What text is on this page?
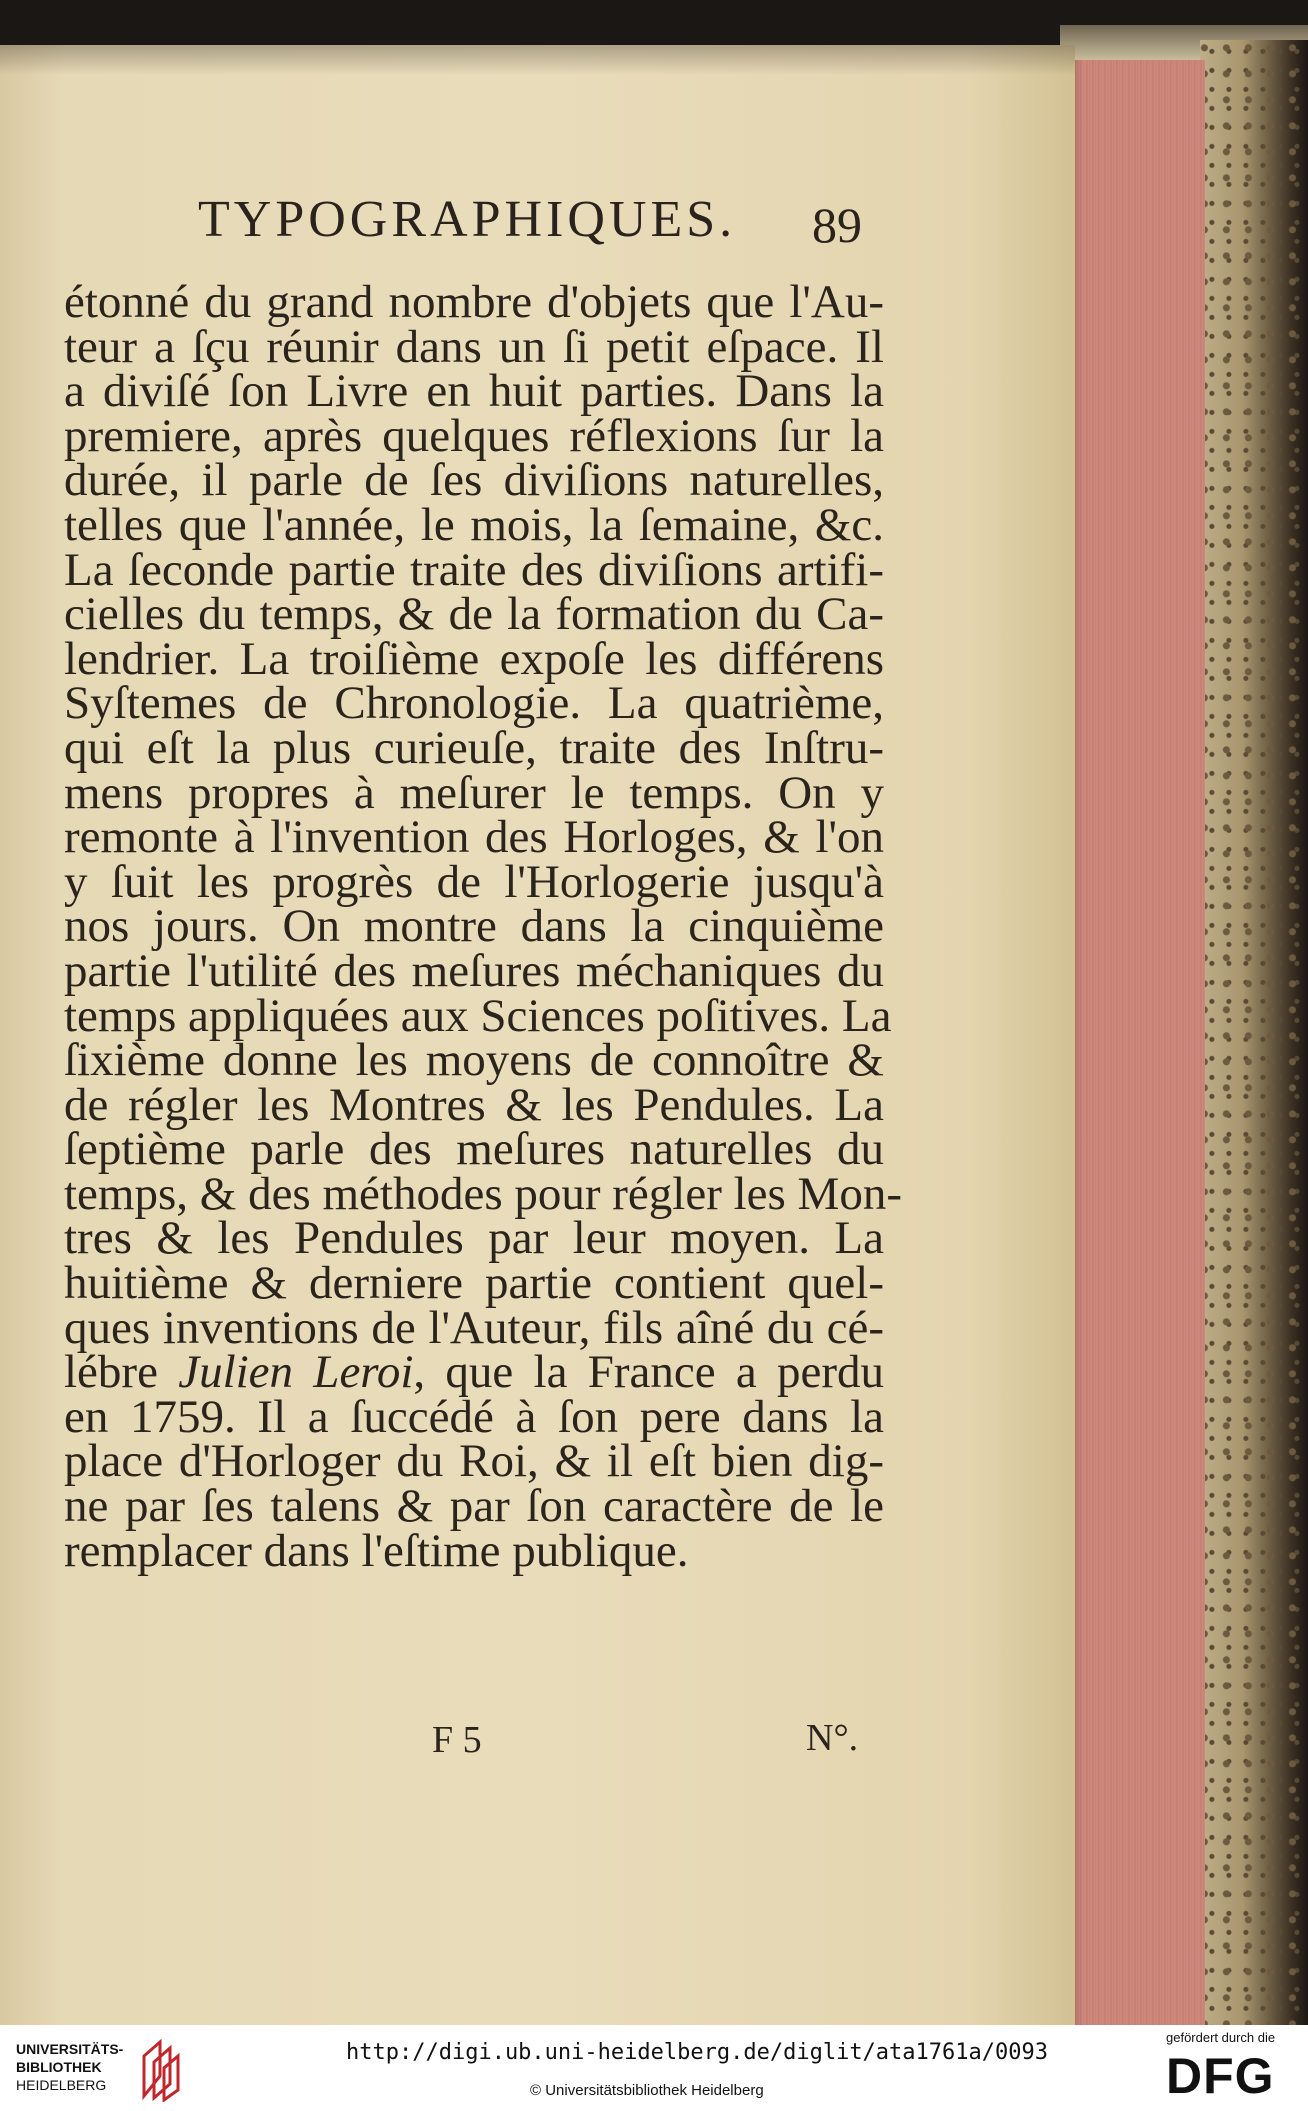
TYPOGRAPHIQUES. 89
étonné du grand nombre d'objets que l'Au-
teur a ſçu réunir dans un ſi petit eſpace. Il
a diviſé ſon Livre en huit parties. Dans la
premiere, après quelques réflexions ſur la
durée, il parle de ſes diviſions naturelles,
telles que l'année, le mois, la ſemaine, &c.
La ſeconde partie traite des diviſions artifi-
cielles du temps, & de la formation du Ca-
lendrier. La troiſième expoſe les différens
Syſtemes de Chronologie. La quatrième,
qui eſt la plus curieuſe, traite des Inſtru-
mens propres à meſurer le temps. On y
remonte à l'invention des Horloges, & l'on
y ſuit les progrès de l'Horlogerie jusqu'à
nos jours. On montre dans la cinquième
partie l'utilité des meſures méchaniques du
temps appliquées aux Sciences poſitives. La
ſixième donne les moyens de connoître &
de régler les Montres & les Pendules. La
ſeptième parle des meſures naturelles du
temps, & des méthodes pour régler les Mon-
tres & les Pendules par leur moyen. La
huitième & derniere partie contient quel-
ques inventions de l'Auteur, fils aîné du cé-
lébre Julien Leroi, que la France a perdu
en 1759. Il a ſuccédé à ſon pere dans la
place d'Horloger du Roi, & il eſt bien dig-
ne par ſes talens & par ſon caractère de le
remplacer dans l'eſtime publique.
F 5	N°.
UNIVERSITÄTS-
BIBLIOTHEK
HEIDELBERG
http://digi.ub.uni-heidelberg.de/diglit/ata1761a/0093
© Universitätsbibliothek Heidelberg
gefördert durch die
DFG
